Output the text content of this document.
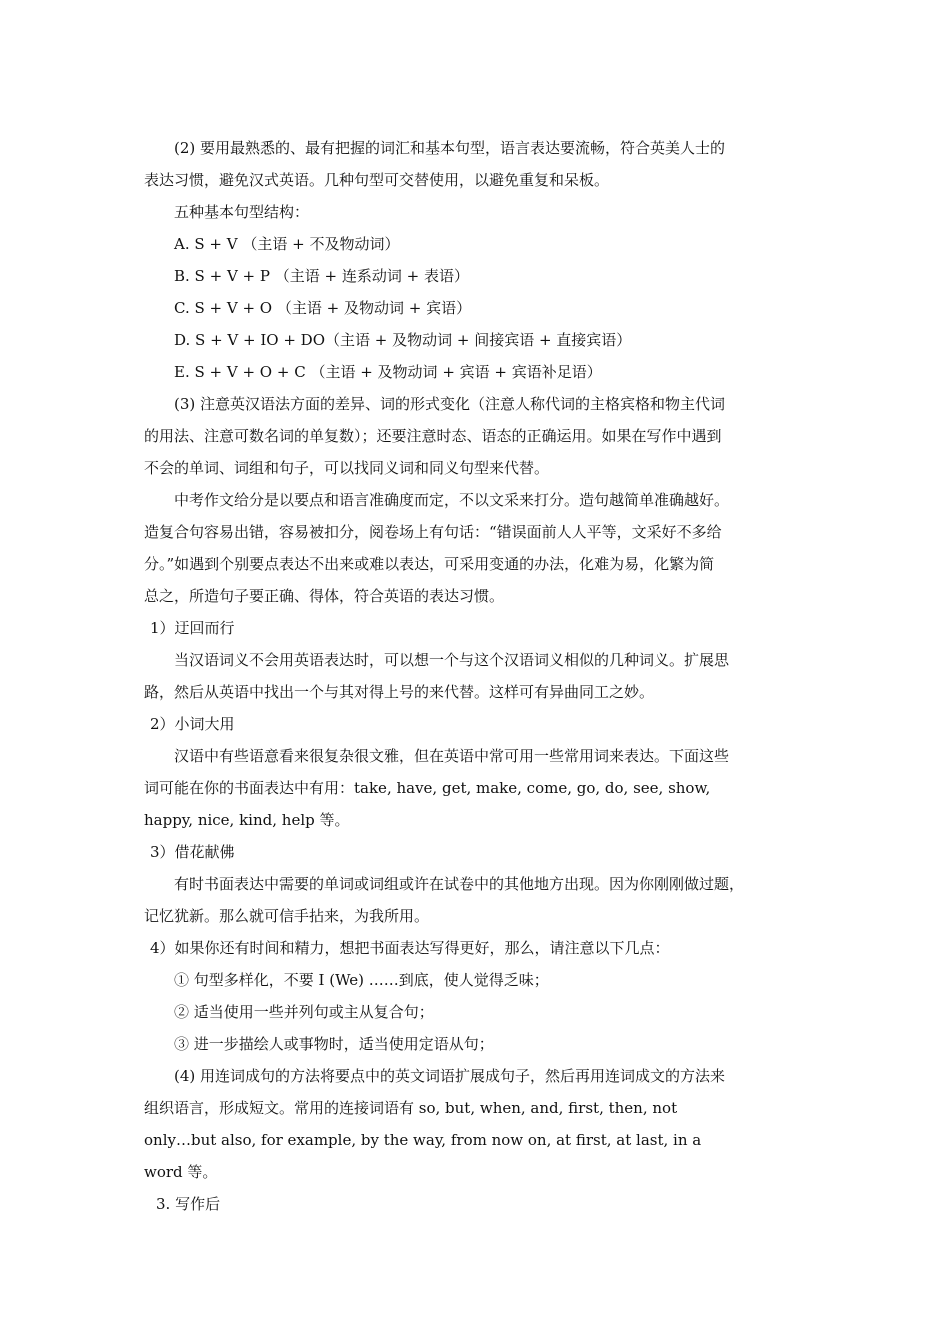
(2) 要用最熟悉的、最有把握的词汇和基本句型，语言表达要流畅，符合英美人士的
表达习惯，避免汉式英语。几种句型可交替使用，以避免重复和呆板。
五种基本句型结构：
A. S + V （主语 + 不及物动词）
B. S + V + P （主语 + 连系动词 + 表语）
C. S + V + O （主语 + 及物动词 + 宾语）
D. S + V + IO + DO（主语 + 及物动词 + 间接宾语 + 直接宾语）
E. S + V + O + C （主语 + 及物动词 + 宾语 + 宾语补足语）
(3) 注意英汉语法方面的差异、词的形式变化（注意人称代词的主格宾格和物主代词
的用法、注意可数名词的单复数）；还要注意时态、语态的正确运用。如果在写作中遇到
不会的单词、词组和句子，可以找同义词和同义句型来代替。
中考作文给分是以要点和语言准确度而定，不以文采来打分。造句越简单准确越好。
造复合句容易出错，容易被扣分，阅卷场上有句话：“错误面前人人平等，文采好不多给
分。”如遇到个别要点表达不出来或难以表达，可采用变通的办法，化难为易，化繁为简
总之，所造句子要正确、得体，符合英语的表达习惯。
1）迂回而行
当汉语词义不会用英语表达时，可以想一个与这个汉语词义相似的几种词义。扩展思
路，然后从英语中找出一个与其对得上号的来代替。这样可有异曲同工之妙。
2）小词大用
汉语中有些语意看来很复杂很文雅，但在英语中常可用一些常用词来表达。下面这些
词可能在你的书面表达中有用：take, have, get, make, come, go, do, see, show,
happy, nice, kind, help 等。
3）借花献佛
有时书面表达中需要的单词或词组或许在试卷中的其他地方出现。因为你刚刚做过题，
记忆犹新。那么就可信手拈来，为我所用。
4）如果你还有时间和精力，想把书面表达写得更好，那么，请注意以下几点：
① 句型多样化，不要 I (We) ……到底，使人觉得乏味；
② 适当使用一些并列句或主从复合句；
③ 进一步描绘人或事物时，适当使用定语从句；
(4) 用连词成句的方法将要点中的英文词语扩展成句子，然后再用连词成文的方法来
组织语言，形成短文。常用的连接词语有 so, but, when, and, first, then, not
only…but also, for example, by the way, from now on, at first, at last, in a
word 等。
3. 写作后
